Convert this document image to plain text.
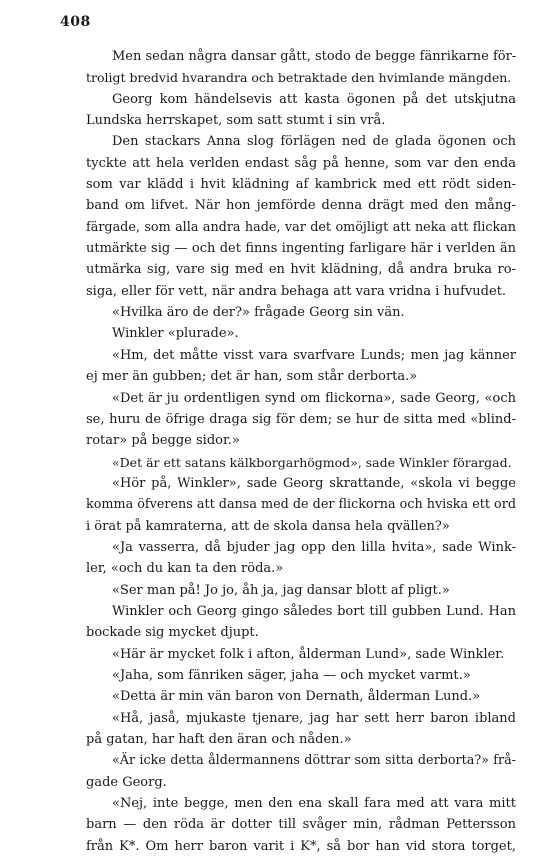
408
Men sedan några dansar gått, stodo de begge fänrikarne för-
troligt bredvid hvarandra och betraktade den hvimlande mängden.
Georg kom händelsevis att kasta ögonen på det utskjutna
Lundska herrskapet, som satt stumt i sin vrå.
Den stackars Anna slog förlägen ned de glada ögonen och
tyckte att hela verlden endast såg på henne, som var den enda
som var klädd i hvit klädning af kambrick med ett rödt siden-
band om lifvet. När hon jemförde denna drägt med den mång-
färgade, som alla andra hade, var det omöjligt att neka att flickan
utmärkte sig — och det finns ingenting farligare här i verlden än
utmärka sig, vare sig med en hvit klädning, då andra bruka ro-
siga, eller för vett, när andra behaga att vara vridna i hufvudet.
«Hvilka äro de der?» frågade Georg sin vän.
Winkler «plurade».
«Hm, det måtte visst vara svarfvare Lunds; men jag känner
ej mer än gubben; det är han, som står derborta.»
«Det är ju ordentligen synd om flickorna», sade Georg, «och
se, huru de öfrige draga sig för dem; se hur de sitta med «blind-
rotar» på begge sidor.»
«Det är ett satans kälkborgarhögmod», sade Winkler förargad.
«Hör på, Winkler», sade Georg skrattande, «skola vi begge
komma öfverens att dansa med de der flickorna och hviska ett ord
i örat på kamraterna, att de skola dansa hela qvällen?»
«Ja vasserra, då bjuder jag opp den lilla hvita», sade Wink-
ler, «och du kan ta den röda.»
«Ser man på! Jo jo, åh ja, jag dansar blott af pligt.»
Winkler och Georg gingo således bort till gubben Lund. Han
bockade sig mycket djupt.
«Här är mycket folk i afton, ålderman Lund», sade Winkler.
«Jaha, som fänriken säger, jaha — och mycket varmt.»
«Detta är min vän baron von Dernath, ålderman Lund.»
«Hå, jaså, mjukaste tjenare, jag har sett herr baron ibland
på gatan, har haft den äran och nåden.»
«Är icke detta åldermannens döttrar som sitta derborta?» frå-
gade Georg.
«Nej, inte begge, men den ena skall fara med att vara mitt
barn — den röda är dotter till svåger min, rådman Pettersson
från K*. Om herr baron varit i K*, så bor han vid stora torget,
